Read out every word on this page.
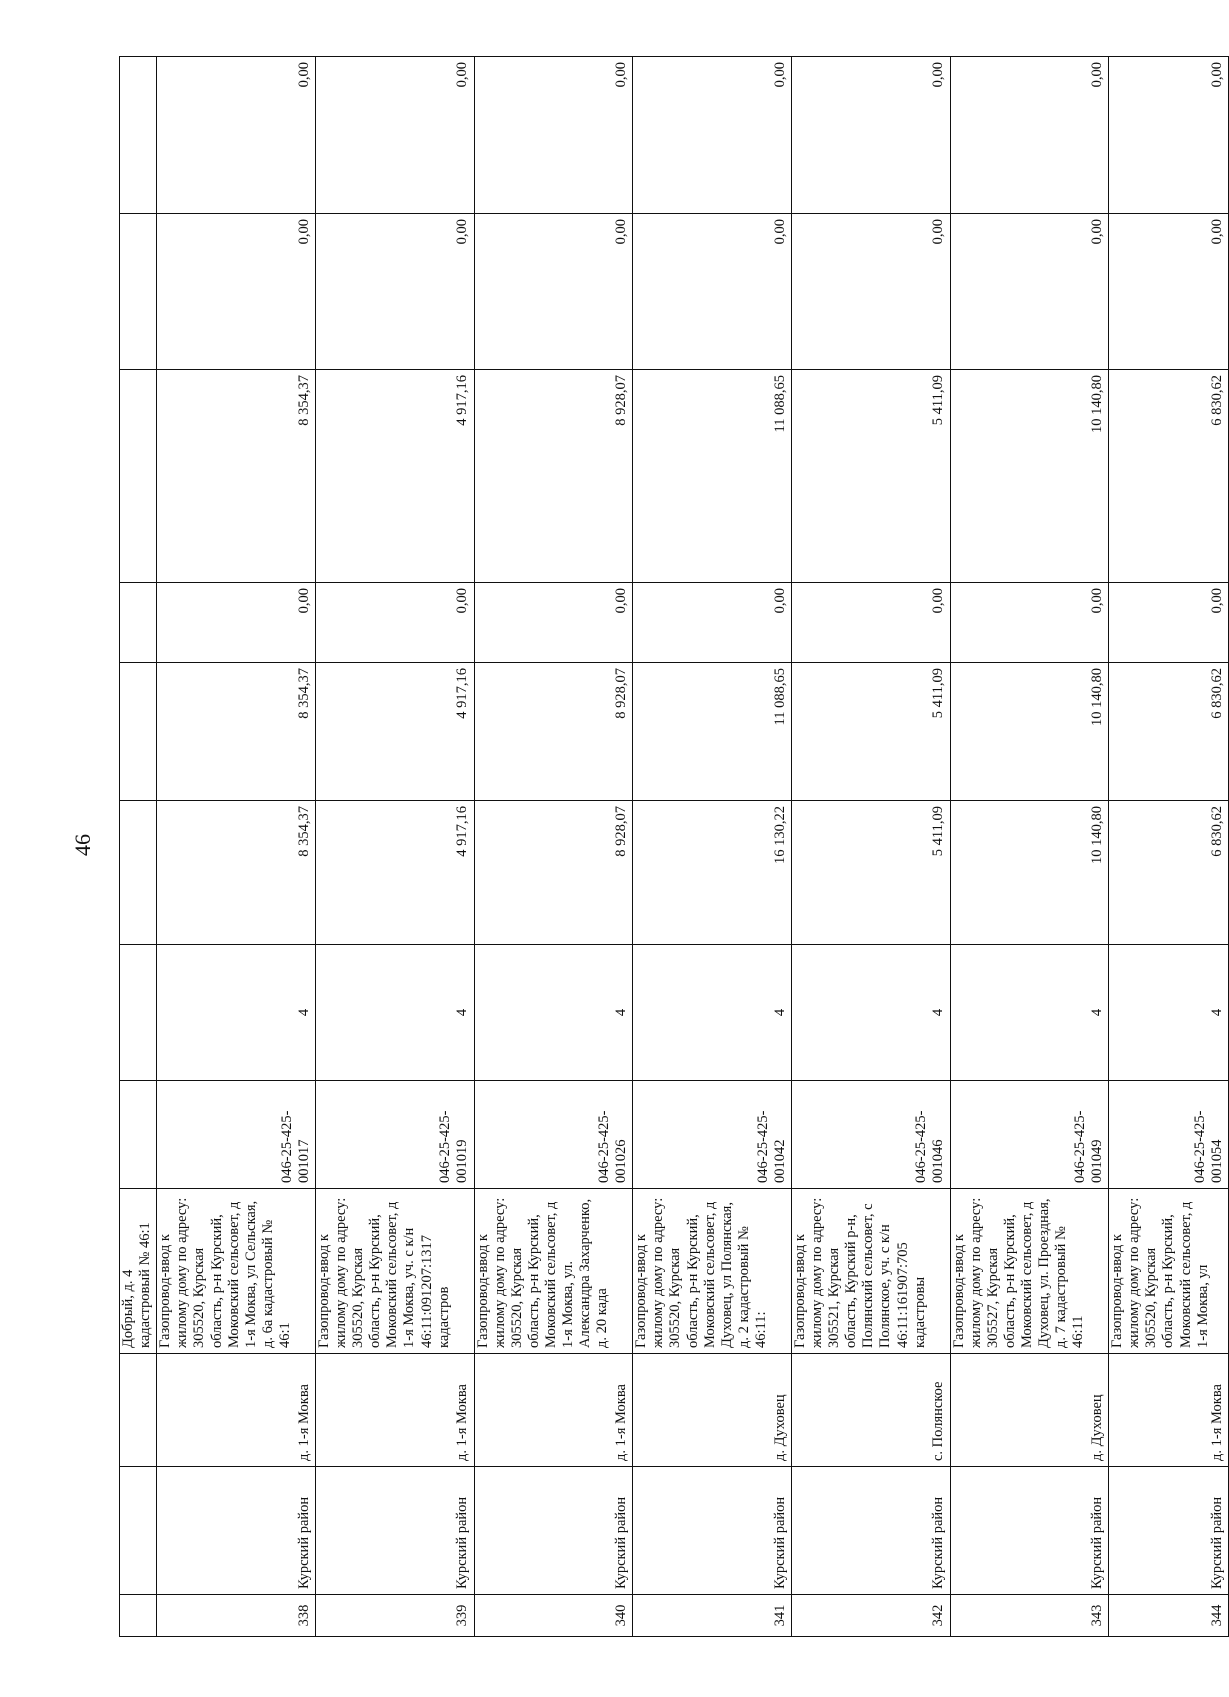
46
			Добрый, д. 4 кадастровый № 46:1								
338	Курский район	д. 1-я Моква	Газопровод-ввод к жилому дому по адресу: 305520, Курская область, р-н Курский, Моковский сельсовет, д 1-я Моква, ул Сельская, д. 6а кадастровый № 46:1	046-25-425-001017	4	8 354,37	8 354,37	0,00	8 354,37	0,00	0,00
339	Курский район	д. 1-я Моква	Газопровод-ввод к жилому дому по адресу: 305520, Курская область, р-н Курский, Моковский сельсовет, д 1-я Моква, уч. с к/н 46:11:091207:1317 кадастров	046-25-425-001019	4	4 917,16	4 917,16	0,00	4 917,16	0,00	0,00
340	Курский район	д. 1-я Моква	Газопровод-ввод к жилому дому по адресу: 305520, Курская область, р-н Курский, Моковский сельсовет, д 1-я Моква, ул. Александра Захарченко, д. 20 када	046-25-425-001026	4	8 928,07	8 928,07	0,00	8 928,07	0,00	0,00
341	Курский район	д. Духовец	Газопровод-ввод к жилому дому по адресу: 305520, Курская область, р-н Курский, Моковский сельсовет, д Духовец, ул Полянская, д. 2 кадастровый № 46:11:	046-25-425-001042	4	16 130,22	11 088,65	0,00	11 088,65	0,00	0,00
342	Курский район	с. Полянское	Газопровод-ввод к жилому дому по адресу: 305521, Курская область, Курский р-н, Полянский сельсовет, с Полянское, уч. с к/н 46:11:161907:705 кадастровы	046-25-425-001046	4	5 411,09	5 411,09	0,00	5 411,09	0,00	0,00
343	Курский район	д. Духовец	Газопровод-ввод к жилому дому по адресу: 305527, Курская область, р-н Курский, Моковский сельсовет, д Духовец, ул. Проездная, д. 7 кадастровый № 46:11	046-25-425-001049	4	10 140,80	10 140,80	0,00	10 140,80	0,00	0,00
344	Курский район	д. 1-я Моква	Газопровод-ввод к жилому дому по адресу: 305520, Курская область, р-н Курский, Моковский сельсовет, д 1-я Моква, ул	046-25-425-001054	4	6 830,62	6 830,62	0,00	6 830,62	0,00	0,00
